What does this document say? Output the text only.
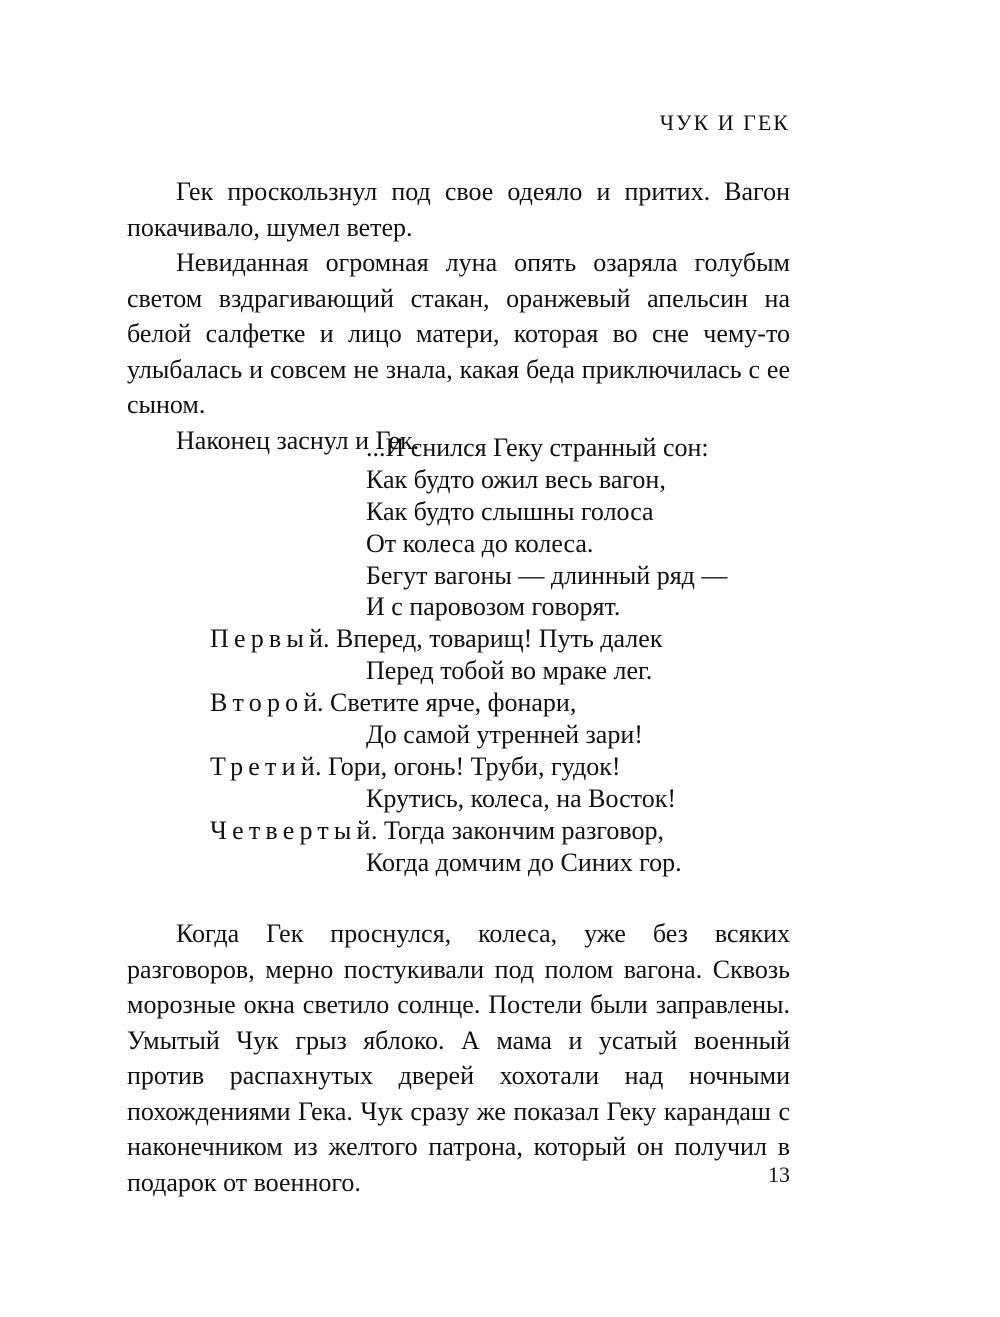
ЧУК И ГЕК

Гек проскользнул под свое одеяло и притих. Вагон покачивало, шумел ветер.

Невиданная огромная луна опять озаряла голубым светом вздрагивающий стакан, оранжевый апельсин на белой салфетке и лицо матери, которая во сне чему-то улыбалась и совсем не знала, какая беда приключилась с ее сыном.

Наконец заснул и Гек.

...И снился Геку странный сон:
Как будто ожил весь вагон,
Как будто слышны голоса
От колеса до колеса.
Бегут вагоны — длинный ряд —
И с паровозом говорят.
Первый
. Вперед, товарищ! Путь далек
Перед тобой во мраке лег.
Второй
. Светите ярче, фонари,
До самой утренней зари!
Третий
. Гори, огонь! Труби, гудок!
Крутись, колеса, на Восток!
Четвертый
. Тогда закончим разговор,
Когда домчим до Синих гор.

Когда Гек проснулся, колеса, уже без всяких разговоров, мерно постукивали под полом вагона. Сквозь морозные окна светило солнце. Постели были заправлены. Умытый Чук грыз яблоко. А мама и усатый военный против распахнутых дверей хохотали над ночными похождениями Гека. Чук сразу же показал Геку карандаш с наконечником из желтого патрона, который он получил в подарок от военного.	13
